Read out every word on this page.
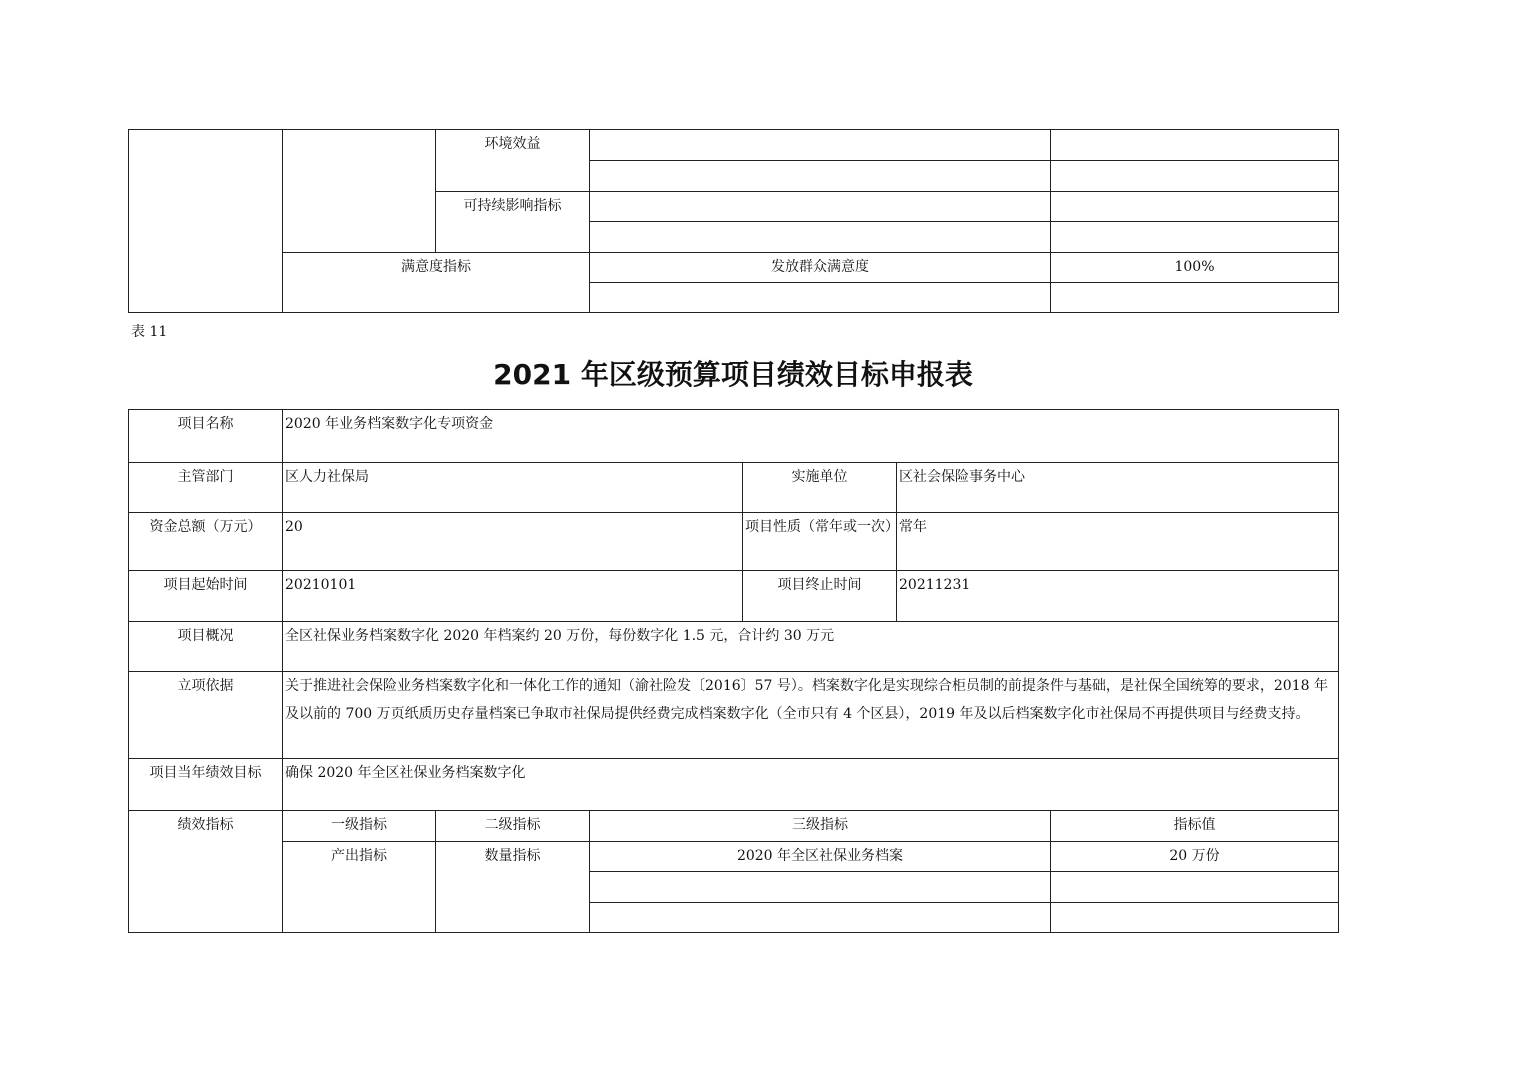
		环境效益		

		可持续影响指标		

	满意度指标		发放群众满意度	100%

表 11
2021 年区级预算项目绩效目标申报表
项目名称	2020 年业务档案数字化专项资金					
主管部门	区人力社保局			实施单位	区社会保险事务中心	
资金总额（万元）	20			项目性质（常年或一次）	常年	
项目起始时间	20210101			项目终止时间	20211231	
项目概况	全区社保业务档案数字化 2020 年档案约 20 万份，每份数字化 1.5 元，合计约 30 万元					
立项依据	关于推进社会保险业务档案数字化和一体化工作的通知（渝社险发〔2016〕57 号）。档案数字化是实现综合柜员制的前提条件与基础，是社保全国统筹的要求，2018 年及以前的 700 万页纸质历史存量档案已争取市社保局提供经费完成档案数字化（全市只有 4 个区县），2019 年及以后档案数字化市社保局不再提供项目与经费支持。					
项目当年绩效目标	确保 2020 年全区社保业务档案数字化					
绩效指标	一级指标	二级指标	三级指标			指标值
	产出指标	数量指标	2020 年全区社保业务档案			20 万份
